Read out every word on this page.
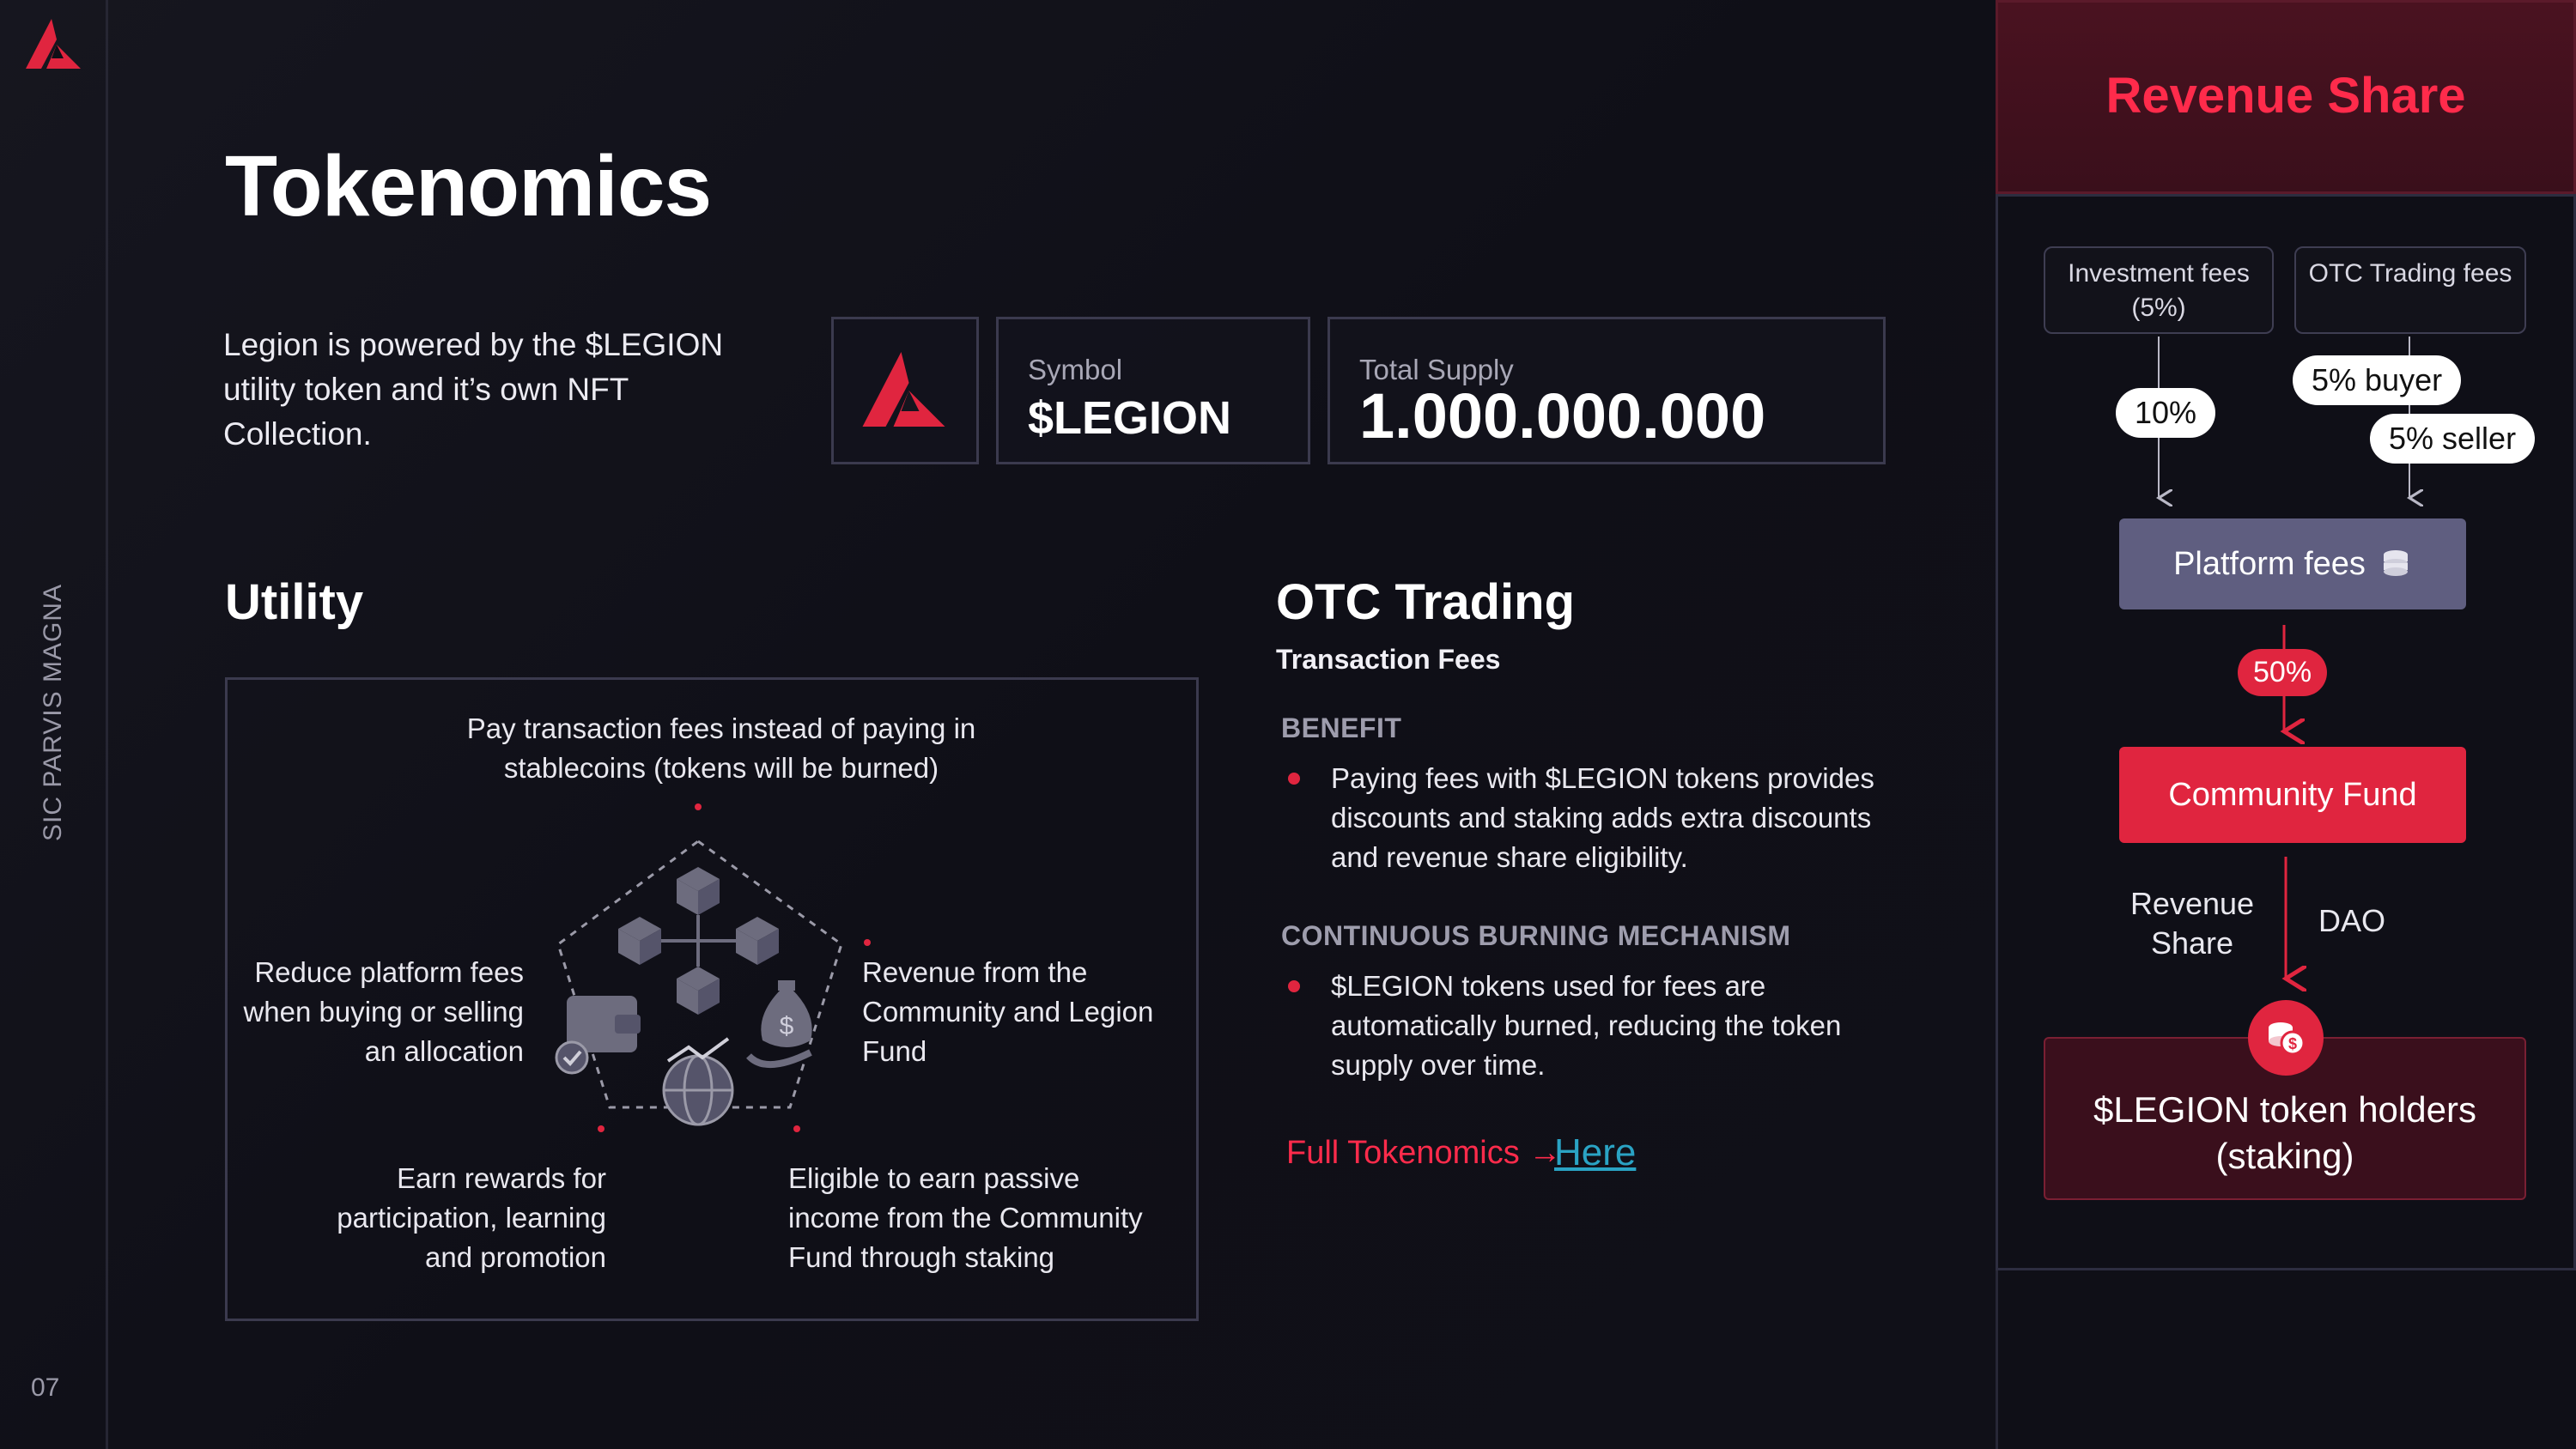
SIC PARVIS MAGNA
07
Tokenomics
Legion is powered by the $LEGION utility token and it’s own NFT Collection.
Symbol
$LEGION
Total Supply
1.000.000.000
Utility
Pay transaction fees instead of paying in stablecoins (tokens will be burned)
Reduce platform fees when buying or selling an allocation
Revenue from the Community and Legion Fund
Earn rewards for participation, learning and promotion
Eligible to earn passive income from the Community Fund through staking
$
OTC Trading
Transaction Fees
BENEFIT
Paying fees with $LEGION tokens provides discounts and staking adds extra discounts and revenue share eligibility.
CONTINUOUS BURNING MECHANISM
$LEGION tokens used for fees are automatically burned, reducing the token supply over time.
Full Tokenomics →
Here
Revenue Share
Investment fees (5%)
OTC Trading fees
10%
5% buyer
5% seller
Platform fees
50%
Community Fund
Revenue Share
DAO
$LEGION token holders (staking)
$
